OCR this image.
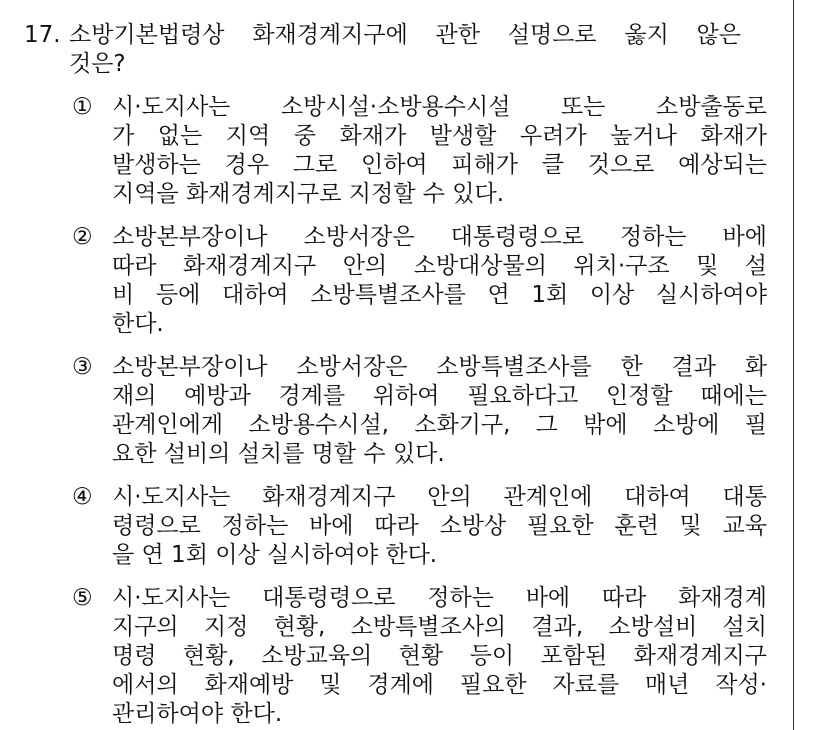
17. 소방기본법령상 화재경계지구에 관한 설명으로 옳지 않은
것은?
① 시·도지사는 소방시설·소방용수시설 또는 소방출동로
가 없는 지역 중 화재가 발생할 우려가 높거나 화재가
발생하는 경우 그로 인하여 피해가 클 것으로 예상되는
지역을 화재경계지구로 지정할 수 있다.
② 소방본부장이나 소방서장은 대통령령으로 정하는 바에
따라 화재경계지구 안의 소방대상물의 위치·구조 및 설
비 등에 대하여 소방특별조사를 연 1회 이상 실시하여야
한다.
③ 소방본부장이나 소방서장은 소방특별조사를 한 결과 화
재의 예방과 경계를 위하여 필요하다고 인정할 때에는
관계인에게 소방용수시설, 소화기구, 그 밖에 소방에 필
요한 설비의 설치를 명할 수 있다.
④ 시·도지사는 화재경계지구 안의 관계인에 대하여 대통
령령으로 정하는 바에 따라 소방상 필요한 훈련 및 교육
을 연 1회 이상 실시하여야 한다.
⑤ 시·도지사는 대통령령으로 정하는 바에 따라 화재경계
지구의 지정 현황, 소방특별조사의 결과, 소방설비 설치
명령 현황, 소방교육의 현황 등이 포함된 화재경계지구
에서의 화재예방 및 경계에 필요한 자료를 매년 작성·
관리하여야 한다.
